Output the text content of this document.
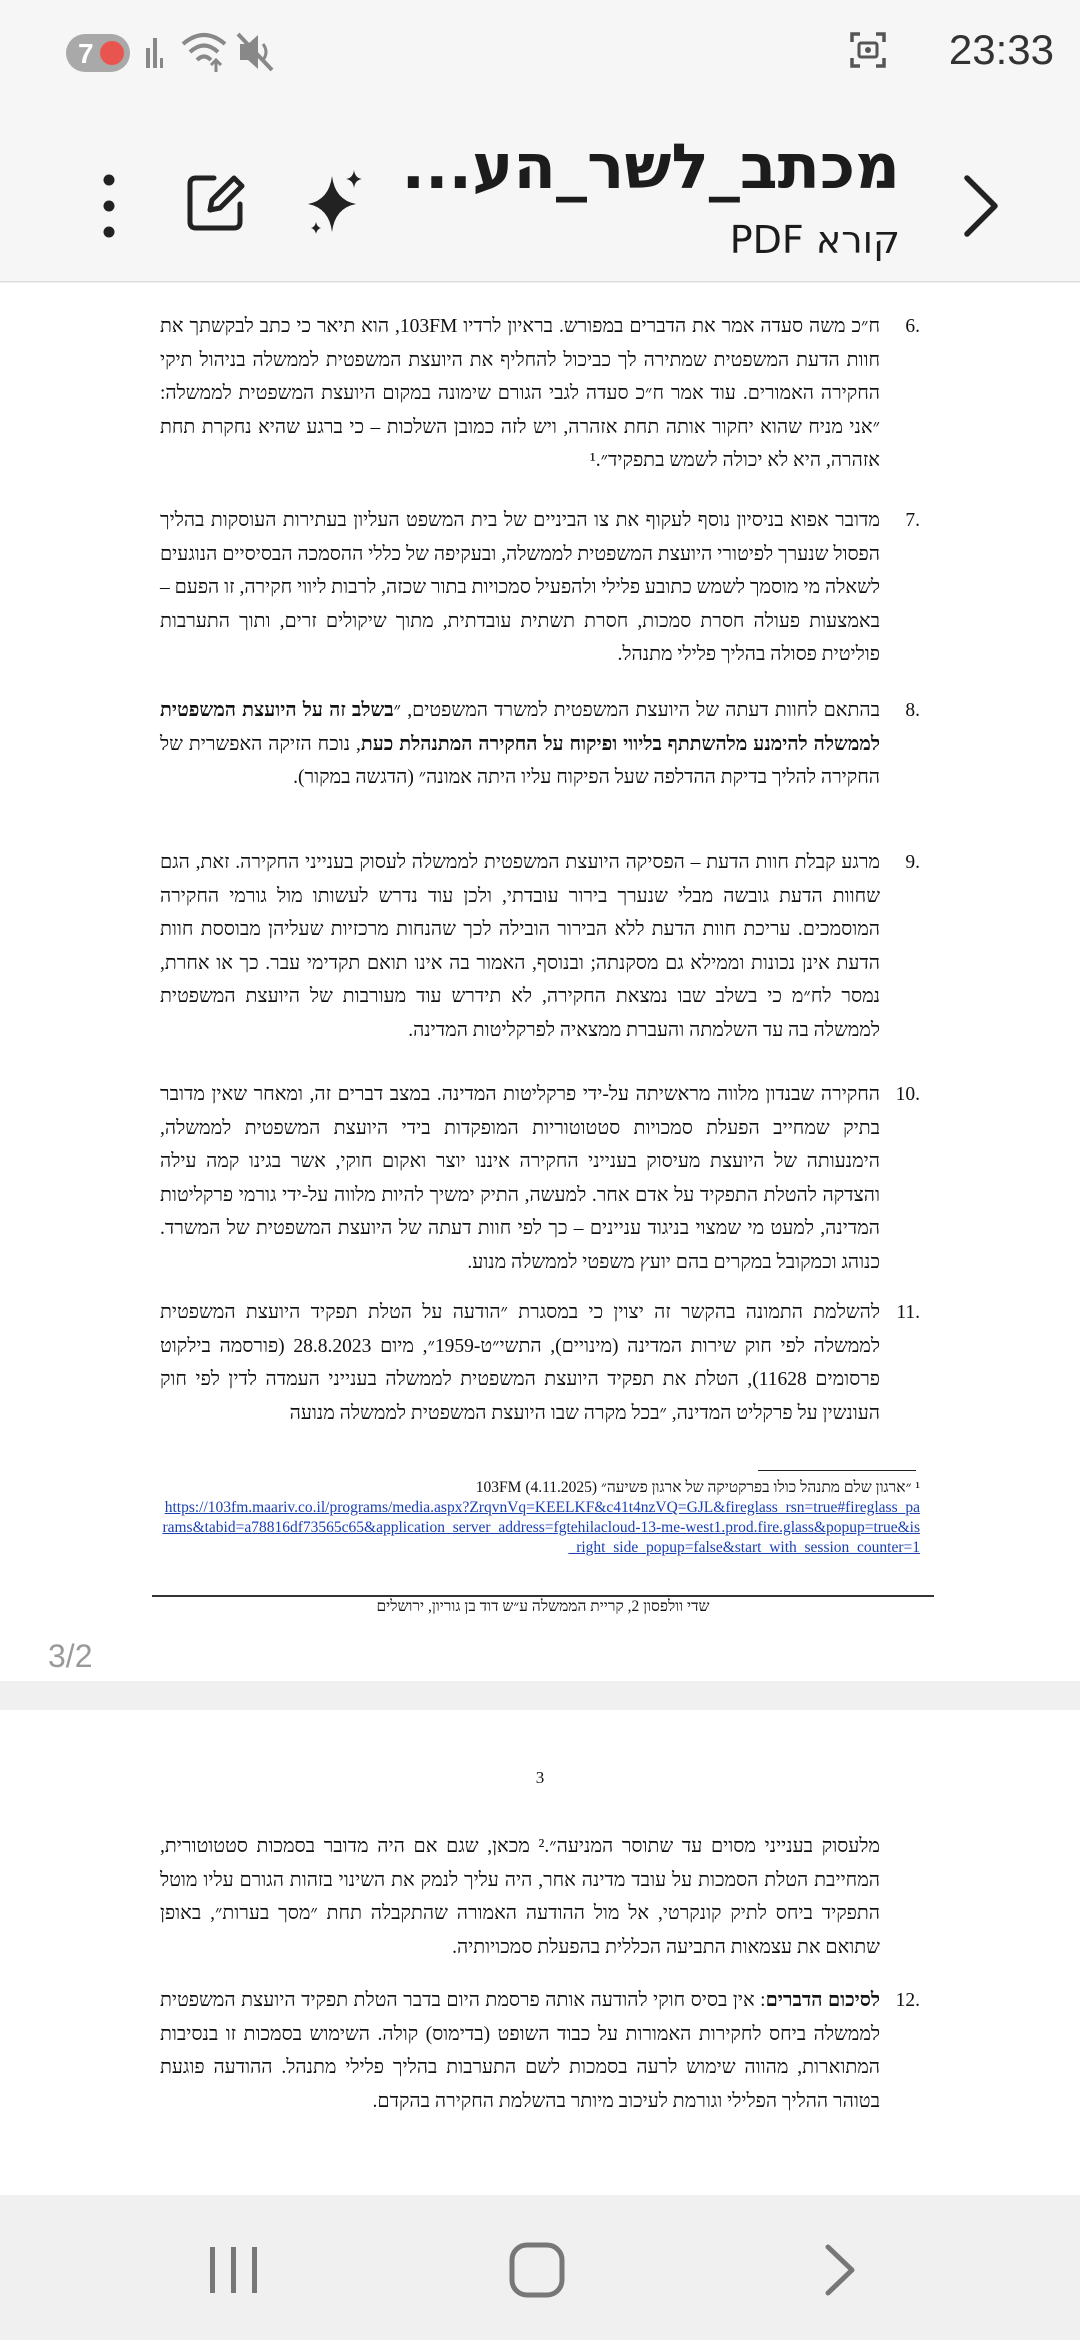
7	23:33
מכתב_לשר_הע...
קורא PDF
.6
ח״כ משה סעדה אמר את הדברים במפורש. בראיון לרדיו 103FM, הוא תיאר כי כתב לבקשתך את חוות הדעת המשפטית שמתירה לך כביכול להחליף את היועצת המשפטית לממשלה בניהול תיקי החקירה האמורים. עוד אמר ח״כ סעדה לגבי הגורם שימונה במקום היועצת המשפטית לממשלה: ״אני מניח שהוא יחקור אותה תחת אזהרה, ויש לזה כמובן השלכות – כי ברגע שהיא נחקרת תחת אזהרה, היא לא יכולה לשמש בתפקיד״.¹
.7
מדובר אפוא בניסיון נוסף לעקוף את צו הביניים של בית המשפט העליון בעתירות העוסקות בהליך הפסול שנערך לפיטורי היועצת המשפטית לממשלה, ובעקיפה של כללי ההסמכה הבסיסיים הנוגעים לשאלה מי מוסמך לשמש כתובע פלילי ולהפעיל סמכויות בתור שכזה, לרבות ליווי חקירה, זו הפעם – באמצעות פעולה חסרת סמכות, חסרת תשתית עובדתית, מתוך שיקולים זרים, ותוך התערבות פוליטית פסולה בהליך פלילי מתנהל.
.8
בהתאם לחוות דעתה של היועצת המשפטית למשרד המשפטים, ״בשלב זה על היועצת המשפטית לממשלה להימנע מלהשתתף בליווי ופיקוח על החקירה המתנהלת כעת, נוכח הזיקה האפשרית של החקירה להליך בדיקת ההדלפה שעל הפיקוח עליו היתה אמונה״ (הדגשה במקור).
.9
מרגע קבלת חוות הדעת – הפסיקה היועצת המשפטית לממשלה לעסוק בענייני החקירה. זאת, הגם שחוות הדעת גובשה מבלי שנערך בירור עובדתי, ולכן עוד נדרש לעשותו מול גורמי החקירה המוסמכים. עריכת חוות הדעת ללא הבירור הובילה לכך שהנחות מרכזיות שעליהן מבוססת חוות הדעת אינן נכונות וממילא גם מסקנתה; ובנוסף, האמור בה אינו תואם תקדימי עבר. כך או אחרת, נמסר לח״מ כי בשלב שבו נמצאת החקירה, לא תידרש עוד מעורבות של היועצת המשפטית לממשלה בה עד השלמתה והעברת ממצאיה לפרקליטות המדינה.
.10
החקירה שבנדון מלווה מראשיתה על-ידי פרקליטות המדינה. במצב דברים זה, ומאחר שאין מדובר בתיק שמחייב הפעלת סמכויות סטטוטוריות המופקדות בידי היועצת המשפטית לממשלה, הימנעותה של היועצת מעיסוק בענייני החקירה איננו יוצר ואקום חוקי, אשר בגינו קמה עילה והצדקה להטלת התפקיד על אדם אחר. למעשה, התיק ימשיך להיות מלווה על-ידי גורמי פרקליטות המדינה, למעט מי שמצוי בניגוד עניינים – כך לפי חוות דעתה של היועצת המשפטית של המשרד. כנוהג וכמקובל במקרים בהם יועץ משפטי לממשלה מנוע.
.11
להשלמת התמונה בהקשר זה יצוין כי במסגרת ״הודעה על הטלת תפקיד היועצת המשפטית לממשלה לפי חוק שירות המדינה (מינויים), התשי״ט-1959״, מיום 28.8.2023 (פורסמה בילקוט פרסומים 11628), הטלת את תפקיד היועצת המשפטית לממשלה בענייני העמדה לדין לפי חוק העונשין על פרקליט המדינה, ״בכל מקרה שבו היועצת המשפטית לממשלה מנועה
¹ ״ארגון שלם מתנהל כולו בפרקטיקה של ארגון פשיעה״ 103FM (4.11.2025)
https://103fm.maariv.co.il/programs/media.aspx?ZrqvnVq=KEELKF&c41t4nzVQ=GJL&fireglass_rsn=true#fireglass_params&tabid=a78816df73565c65&application_server_address=fgtehilacloud-13-me-west1.prod.fire.glass&popup=true&is_right_side_popup=false&start_with_session_counter=1
שדי וולפסון 2, קריית הממשלה ע״ש דוד בן גוריון, ירושלים
3/2
3
מלעסוק בענייני מסוים עד שתוסר המניעה״.² מכאן, שגם אם היה מדובר בסמכות סטטוטורית, המחייבת הטלת הסמכות על עובד מדינה אחר, היה עליך לנמק את השינוי בזהות הגורם עליו מוטל התפקיד ביחס לתיק קונקרטי, אל מול ההודעה האמורה שהתקבלה תחת ״מסך בערות״, באופן שתואם את עצמאות התביעה הכללית בהפעלת סמכויותיה.
.12
לסיכום הדברים: אין בסיס חוקי להודעה אותה פרסמת היום בדבר הטלת תפקיד היועצת המשפטית לממשלה ביחס לחקירות האמורות על כבוד השופט (בדימוס) קולה. השימוש בסמכות זו בנסיבות המתוארות, מהווה שימוש לרעה בסמכות לשם התערבות בהליך פלילי מתנהל. ההודעה פוגעת בטוהר ההליך הפלילי וגורמת לעיכוב מיותר בהשלמת החקירה בהקדם.
